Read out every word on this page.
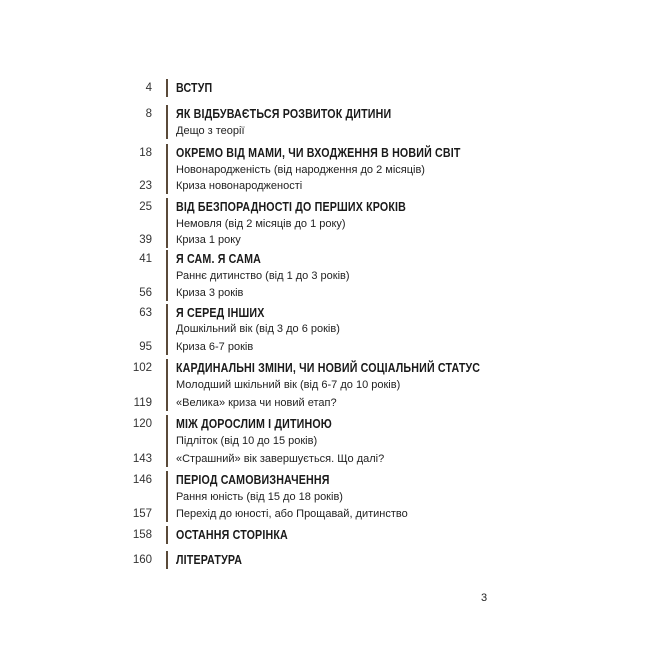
4 ВСТУП
8 ЯК ВІДБУВАЄТЬСЯ РОЗВИТОК ДИТИНИ
Дещо з теорії
18 ОКРЕМО ВІД МАМИ, ЧИ ВХОДЖЕННЯ В НОВИЙ СВІТ
Новонародженість (від народження до 2 місяців)
Криза новонародженості
23
25 ВІД БЕЗПОРАДНОСТІ ДО ПЕРШИХ КРОКІВ
Немовля (від 2 місяців до 1 року)
Криза 1 року
39
41 Я САМ. Я САМА
Раннє дитинство (від 1 до 3 років)
Криза 3 років
56
63 Я СЕРЕД ІНШИХ
Дошкільний вік (від 3 до 6 років)
Криза 6-7 років
95
102 КАРДИНАЛЬНІ ЗМІНИ, ЧИ НОВИЙ СОЦІАЛЬНИЙ СТАТУС
Молодший шкільний вік (від 6-7 до 10 років)
«Велика» криза чи новий етап?
119
120 МІЖ ДОРОСЛИМ І ДИТИНОЮ
Підліток (від 10 до 15 років)
«Страшний» вік завершується. Що далі?
143
146 ПЕРІОД САМОВИЗНАЧЕННЯ
Рання юність (від 15 до 18 років)
Перехід до юності, або Прощавай, дитинство
157
158 ОСТАННЯ СТОРІНКА
160 ЛІТЕРАТУРА
3
